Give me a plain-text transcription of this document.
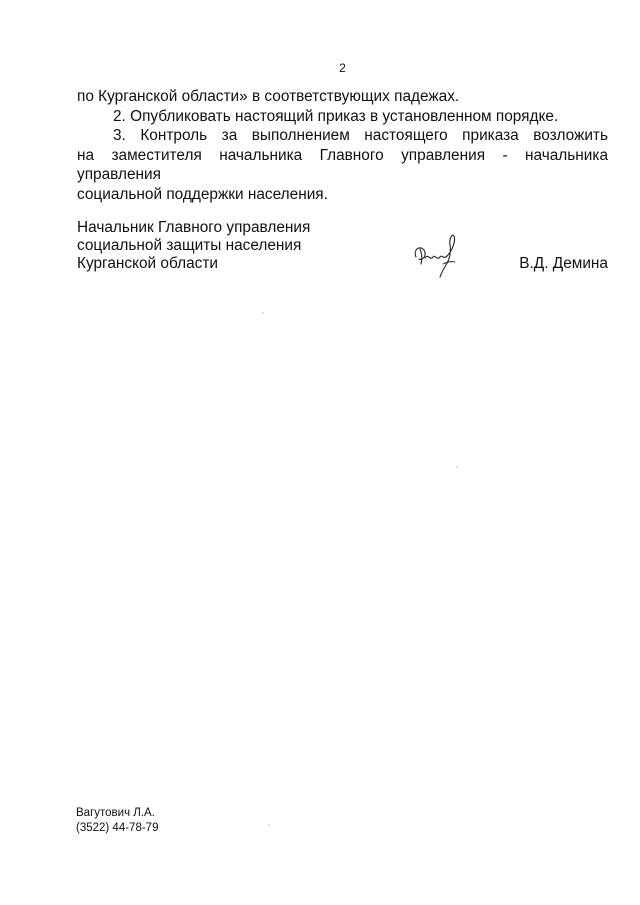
2

по Курганской области» в соответствующих падежах.

2. Опубликовать настоящий приказ в установленном порядке.

3. Контроль за выполнением настоящего приказа возложить

на заместителя начальника Главного управления - начальника управления

социальной поддержки населения.

Начальник Главного управления
социальной защиты населения
Курганской области	В.Д. Демина
Вагутович Л.А.
(3522) 44-78-79
